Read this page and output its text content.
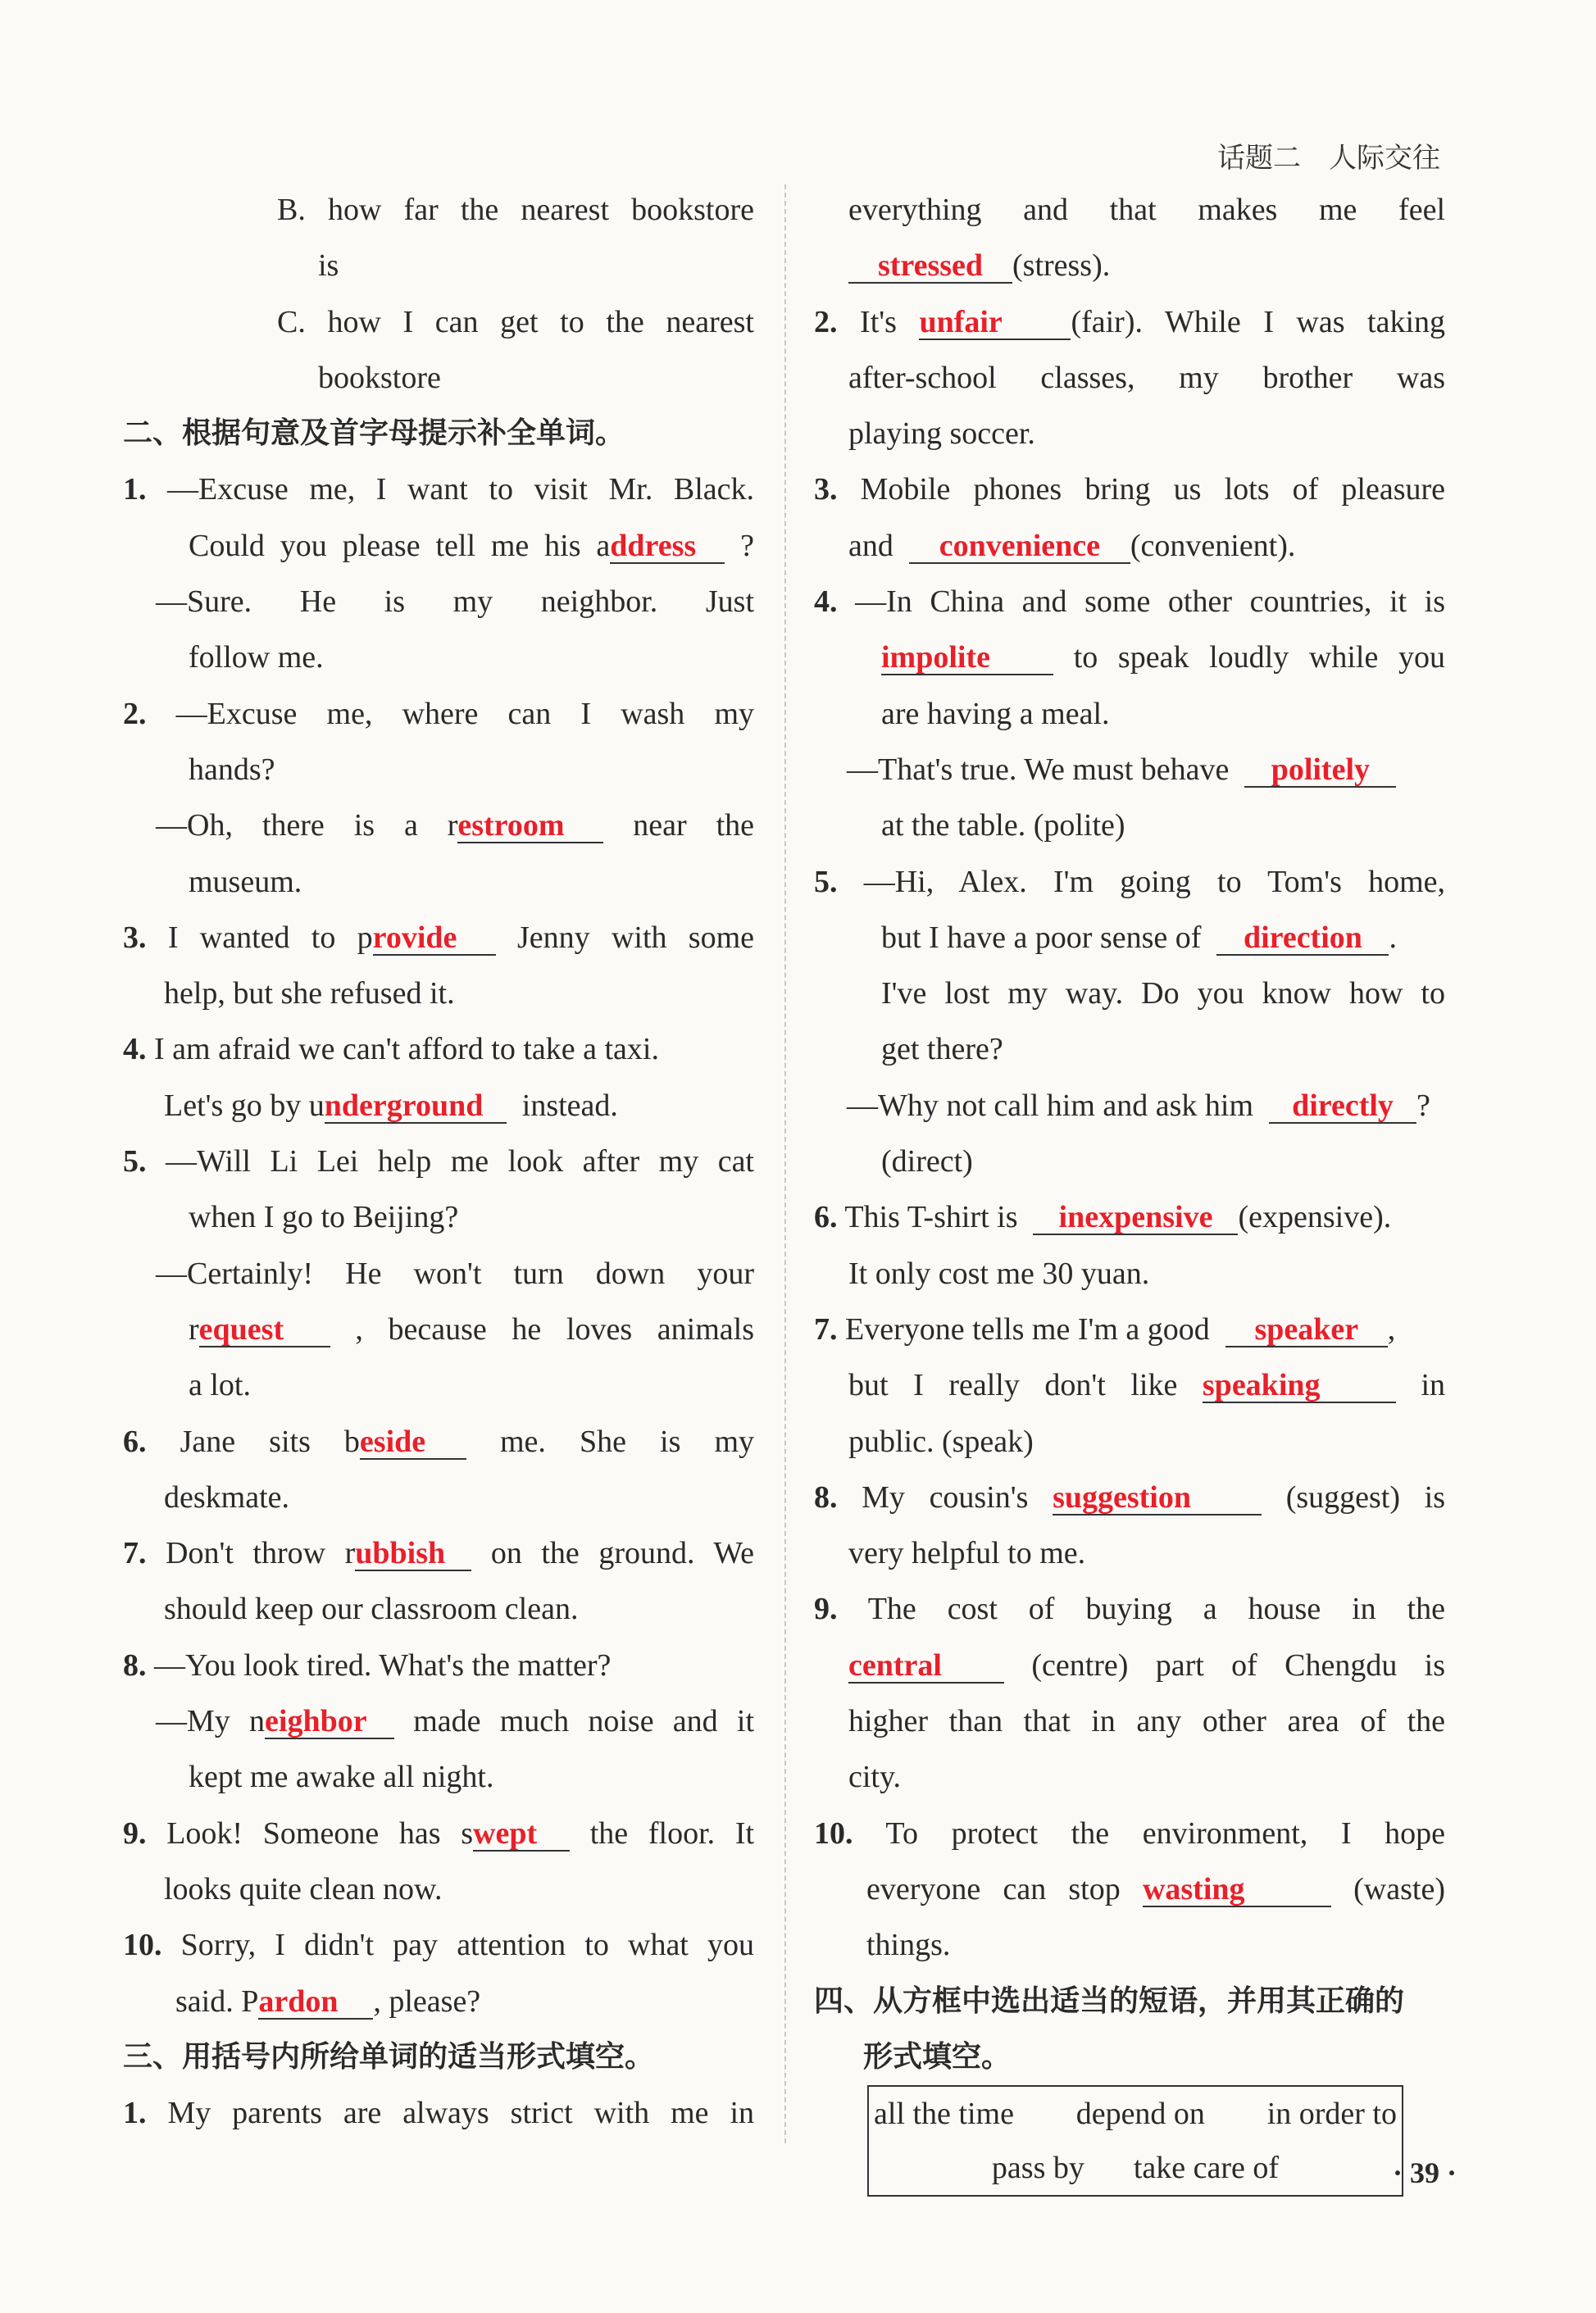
话题二　人际交往
B. how far the nearest bookstore
is
C. how I can get to the nearest
bookstore
二、根据句意及首字母提示补全单词。
1. —Excuse me, I want to visit Mr. Black.
Could you please tell me his address ?
—Sure. He is my neighbor. Just
follow me.
2. —Excuse me, where can I wash my
hands?
—Oh, there is a restroom near the
museum.
3. I wanted to provide Jenny with some
help, but she refused it.
4. I am afraid we can't afford to take a taxi.
Let's go by underground instead.
5. —Will Li Lei help me look after my cat
when I go to Beijing?
—Certainly! He won't turn down your
request , because he loves animals
a lot.
6. Jane sits beside me. She is my
deskmate.
7. Don't throw rubbish on the ground. We
should keep our classroom clean.
8. —You look tired. What's the matter?
—My neighbor made much noise and it
kept me awake all night.
9. Look! Someone has swept the floor. It
looks quite clean now.
10. Sorry, I didn't pay attention to what you
said. Pardon , please?
三、用括号内所给单词的适当形式填空。
1. My parents are always strict with me in
everything and that makes me feel
stressed (stress).
2. It's unfair (fair). While I was taking
after-school classes, my brother was
playing soccer.
3. Mobile phones bring us lots of pleasure
and convenience (convenient).
4. —In China and some other countries, it is
impolite	to speak loudly while you
are having a meal.
—That's true. We must behave politely
at the table. (polite)
5. —Hi, Alex. I'm going to Tom's home,
but I have a poor sense of direction .
I've lost my way. Do you know how to
get there?
—Why not call him and ask him directly ?
(direct)
6. This T-shirt is inexpensive (expensive).
It only cost me 30 yuan.
7. Everyone tells me I'm a good speaker ,
but I really don't like speaking	in
public. (speak)
8. My cousin's suggestion	(suggest) is
very helpful to me.
9. The cost of buying a house in the
central	(centre) part of Chengdu is
higher than that in any other area of the
city.
10. To protect the environment, I hope
everyone can stop wasting	(waste)
things.
四、从方框中选出适当的短语，并用其正确的
形式填空。
all the time depend on in order to
pass by take care of	· 39 ·
